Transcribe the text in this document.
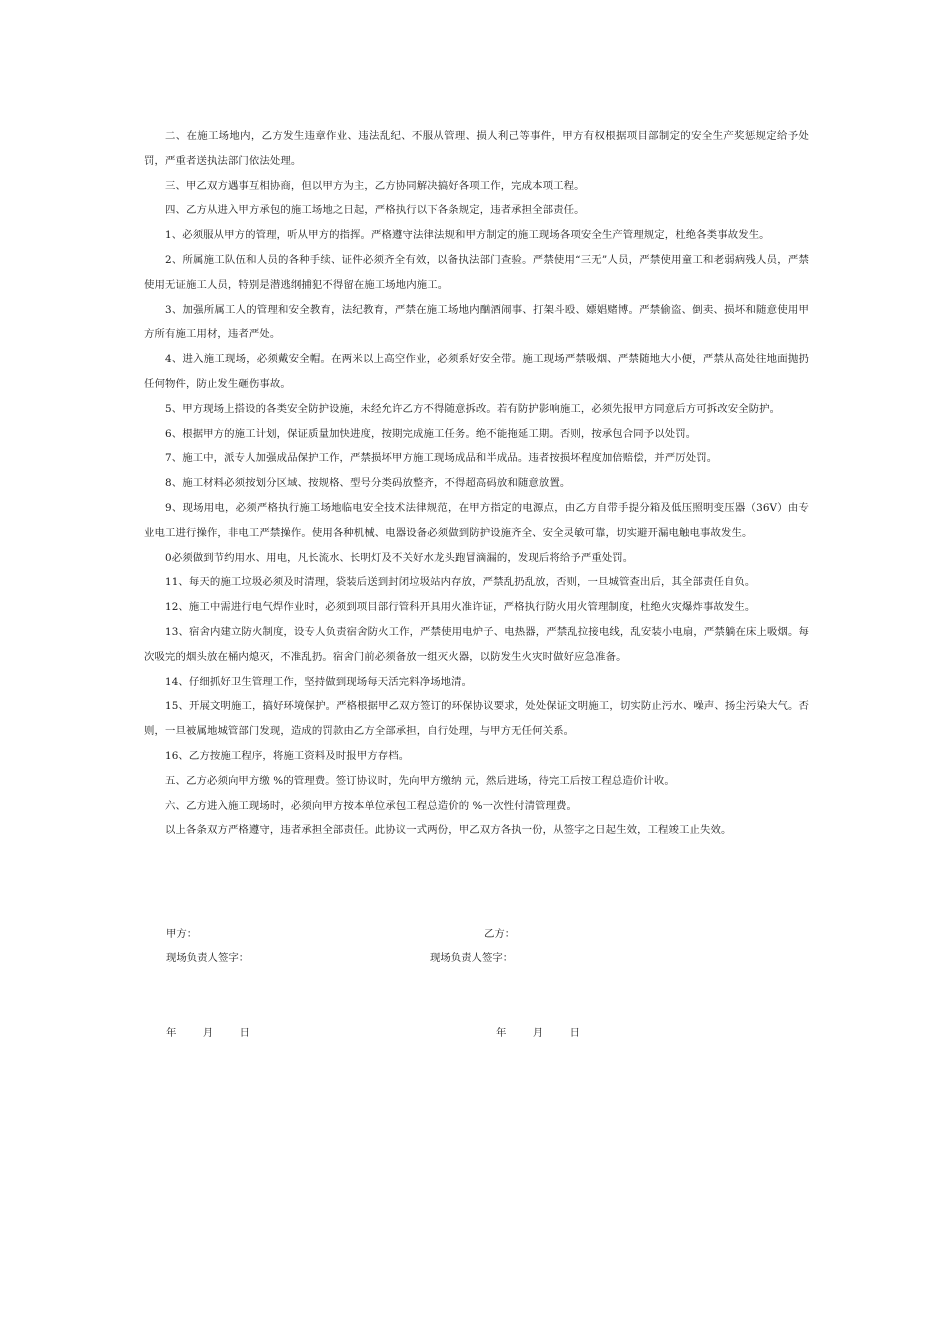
二、在施工场地内，乙方发生违章作业、违法乱纪、不服从管理、损人利己等事件，甲方有权根据项目部制定的安全生产奖惩规定给予处罚，严重者送执法部门依法处理。

三、甲乙双方遇事互相协商，但以甲方为主，乙方协同解决搞好各项工作，完成本项工程。

四、乙方从进入甲方承包的施工场地之日起，严格执行以下各条规定，违者承担全部责任。

1、必须服从甲方的管理，听从甲方的指挥。严格遵守法律法规和甲方制定的施工现场各项安全生产管理规定，杜绝各类事故发生。

2、所属施工队伍和人员的各种手续、证件必须齐全有效，以备执法部门查验。严禁使用“三无”人员，严禁使用童工和老弱病残人员，严禁使用无证施工人员，特别是潜逃纲捕犯不得留在施工场地内施工。

3、加强所属工人的管理和安全教育，法纪教育，严禁在施工场地内酗酒闹事、打架斗殴、嫖娼赌博。严禁偷盗、倒卖、损坏和随意使用甲方所有施工用材，违者严处。

4、进入施工现场，必须戴安全帽。在两米以上高空作业，必须系好安全带。施工现场严禁吸烟、严禁随地大小便，严禁从高处往地面抛扔任何物件，防止发生砸伤事故。

5、甲方现场上搭设的各类安全防护设施，未经允许乙方不得随意拆改。若有防护影响施工，必须先报甲方同意后方可拆改安全防护。

6、根据甲方的施工计划，保证质量加快进度，按期完成施工任务。绝不能拖延工期。否则，按承包合同予以处罚。

7、施工中，派专人加强成品保护工作，严禁损坏甲方施工现场成品和半成品。违者按损坏程度加倍赔偿，并严厉处罚。

8、施工材料必须按划分区域、按规格、型号分类码放整齐，不得超高码放和随意放置。

9、现场用电，必须严格执行施工场地临电安全技术法律规范，在甲方指定的电源点，由乙方自带手提分箱及低压照明变压器（36V）由专业电工进行操作，非电工严禁操作。使用各种机械、电器设备必须做到防护设施齐全、安全灵敏可靠，切实避开漏电触电事故发生。

0必须做到节约用水、用电，凡长流水、长明灯及不关好水龙头跑冒滴漏的，发现后将给予严重处罚。

11、每天的施工垃圾必须及时清理，袋装后送到封闭垃圾站内存放，严禁乱扔乱放，否则，一旦城管查出后，其全部责任自负。

12、施工中需进行电气焊作业时，必须到项目部行管科开具用火准许证，严格执行防火用火管理制度，杜绝火灾爆炸事故发生。

13、宿舍内建立防火制度，设专人负责宿舍防火工作，严禁使用电炉子、电热器，严禁乱拉接电线，乱安装小电扇，严禁躺在床上吸烟。每次吸完的烟头放在桶内熄灭，不准乱扔。宿舍门前必须备放一组灭火器，以防发生火灾时做好应急准备。

14、仔细抓好卫生管理工作，坚持做到现场每天活完料净场地清。

15、开展文明施工，搞好环境保护。严格根据甲乙双方签订的环保协议要求，处处保证文明施工，切实防止污水、噪声、扬尘污染大气。否则，一旦被属地城管部门发现，造成的罚款由乙方全部承担，自行处理，与甲方无任何关系。

16、乙方按施工程序，将施工资料及时报甲方存档。

五、乙方必须向甲方缴 %的管理费。签订协议时，先向甲方缴纳 元，然后进场，待完工后按工程总造价计收。

六、乙方进入施工现场时，必须向甲方按本单位承包工程总造价的 %一次性付清管理费。

以上各条双方严格遵守，违者承担全部责任。此协议一式两份，甲乙双方各执一份，从签字之日起生效，工程竣工止失效。

甲方：	乙方：
现场负责人签字：	现场负责人签字：
年        月        日	年        月        日
